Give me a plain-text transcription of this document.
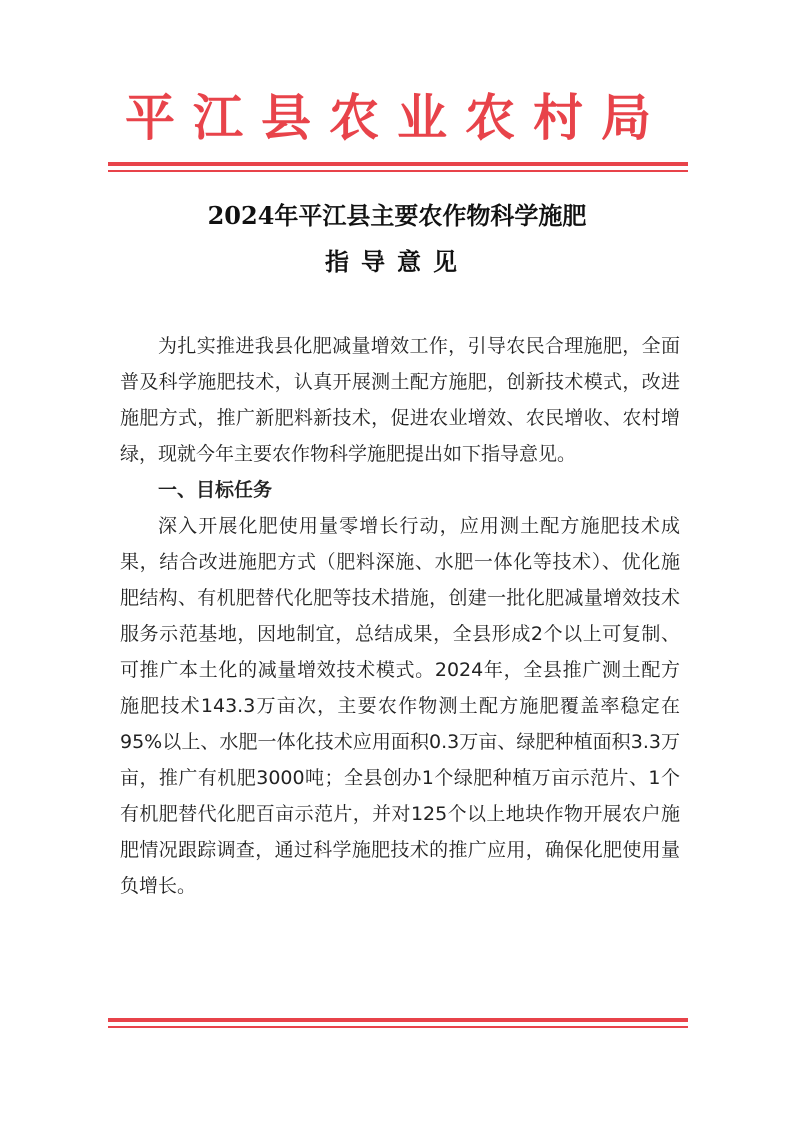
平江县农业农村局
2024年平江县主要农作物科学施肥
指导意见

为扎实推进我县化肥减量增效工作，引导农民合理施肥，全面普及科学施肥技术，认真开展测土配方施肥，创新技术模式，改进施肥方式，推广新肥料新技术，促进农业增效、农民增收、农村增绿，现就今年主要农作物科学施肥提出如下指导意见。

一、目标任务

深入开展化肥使用量零增长行动，应用测土配方施肥技术成果，结合改进施肥方式（肥料深施、水肥一体化等技术）、优化施肥结构、有机肥替代化肥等技术措施，创建一批化肥减量增效技术服务示范基地，因地制宜，总结成果，全县形成2个以上可复制、可推广本土化的减量增效技术模式。2024年，全县推广测土配方施肥技术143.3万亩次，主要农作物测土配方施肥覆盖率稳定在95%以上、水肥一体化技术应用面积0.3万亩、绿肥种植面积3.3万亩，推广有机肥3000吨；全县创办1个绿肥种植万亩示范片、1个有机肥替代化肥百亩示范片，并对125个以上地块作物开展农户施肥情况跟踪调查，通过科学施肥技术的推广应用，确保化肥使用量负增长。
